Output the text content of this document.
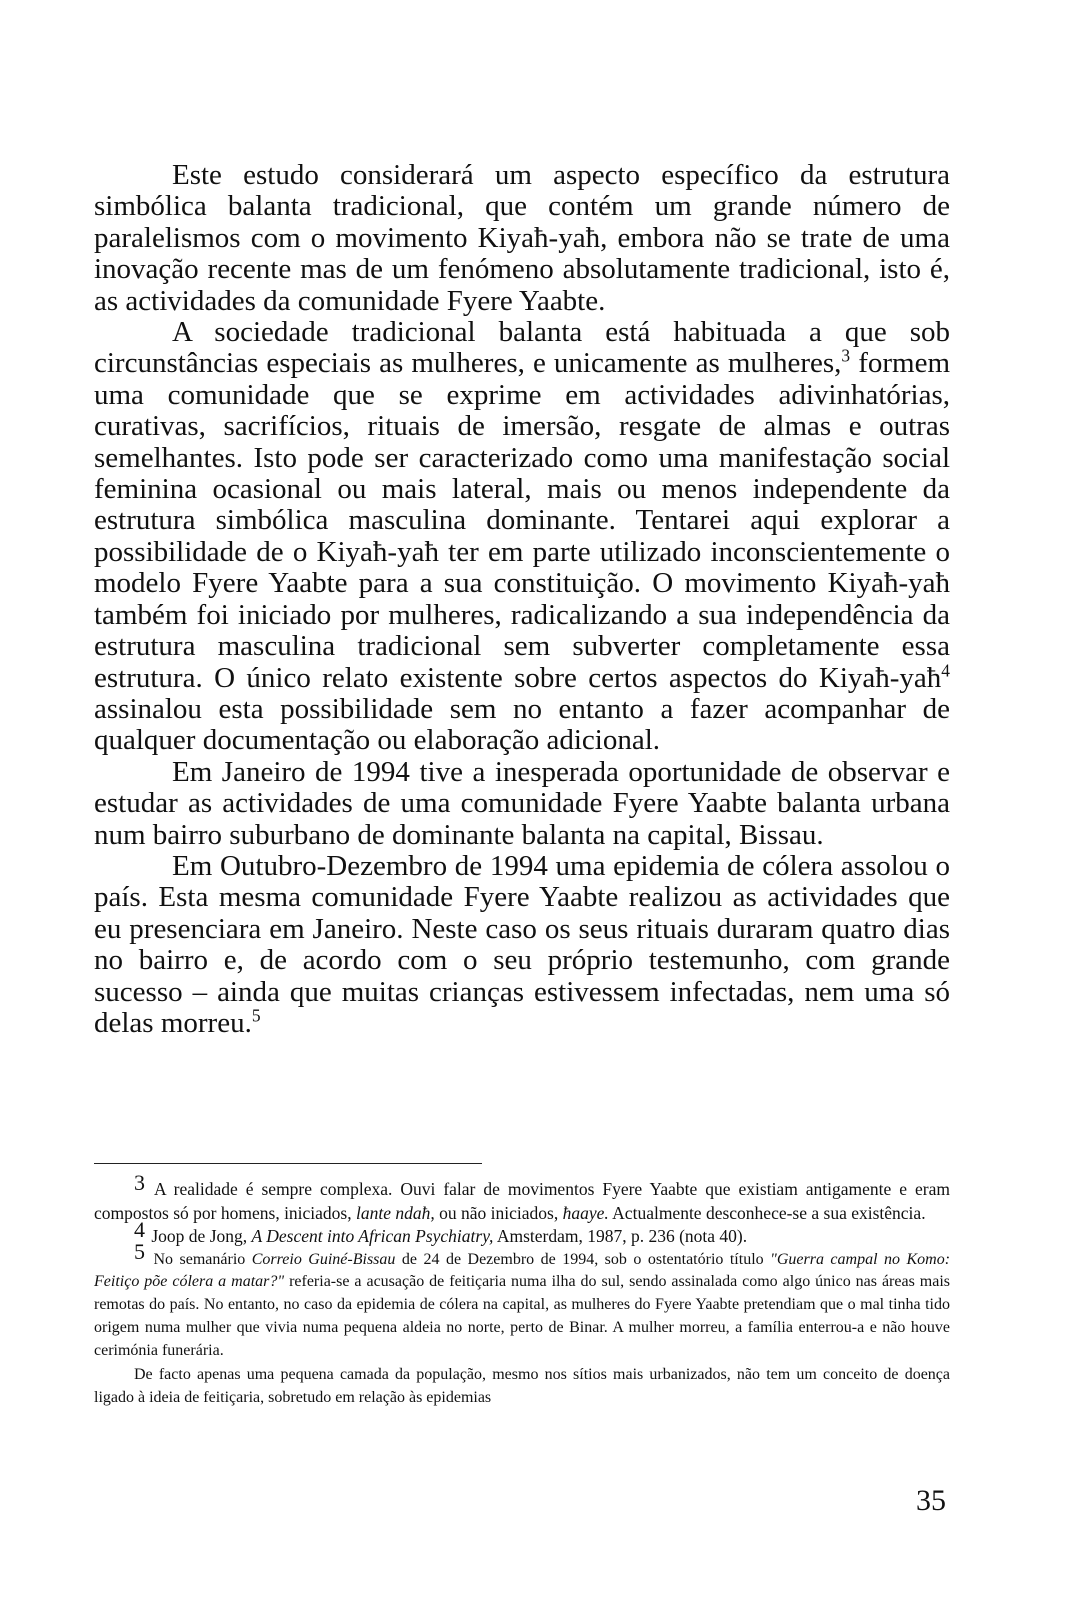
Este estudo considerará um aspecto específico da estrutura simbólica balanta tradicional, que contém um grande número de paralelismos com o movimento Kiyaħ-yaħ, embora não se trate de uma inovação recente mas de um fenómeno absolutamente tradicional, isto é, as actividades da comunidade Fyere Yaabte.

A sociedade tradicional balanta está habituada a que sob circunstâncias especiais as mulheres, e unicamente as mulheres,$^3$ formem uma comunidade que se exprime em actividades adivinhatórias, curativas, sacrifícios, rituais de imersão, resgate de almas e outras semelhantes. Isto pode ser caracterizado como uma manifestação social feminina ocasional ou mais lateral, mais ou menos independente da estrutura simbólica masculina dominante. Tentarei aqui explorar a possibilidade de o Kiyaħ-yaħ ter em parte utilizado inconscientemente o modelo Fyere Yaabte para a sua constituição. O movimento Kiyaħ-yaħ também foi iniciado por mulheres, radicalizando a sua independência da estrutura masculina tradicional sem subverter completamente essa estrutura. O único relato existente sobre certos aspectos do Kiyaħ-yaħ$^4$ assinalou esta possibilidade sem no entanto a fazer acompanhar de qualquer documentação ou elaboração adicional.

Em Janeiro de 1994 tive a inesperada oportunidade de observar e estudar as actividades de uma comunidade Fyere Yaabte balanta urbana num bairro suburbano de dominante balanta na capital, Bissau.

Em Outubro-Dezembro de 1994 uma epidemia de cólera assolou o país. Esta mesma comunidade Fyere Yaabte realizou as actividades que eu presenciara em Janeiro. Neste caso os seus rituais duraram quatro dias no bairro e, de acordo com o seu próprio testemunho, com grande sucesso – ainda que muitas crianças estivessem infectadas, nem uma só delas morreu.$^5$

3 A realidade é sempre complexa. Ouvi falar de movimentos Fyere Yaabte que existiam antigamente e eram compostos só por homens, iniciados, lante ndaħ, ou não iniciados, ħaaye. Actualmente desconhece-se a sua existência.

4 Joop de Jong, A Descent into African Psychiatry, Amsterdam, 1987, p. 236 (nota 40).

5 No semanário Correio Guiné-Bissau de 24 de Dezembro de 1994, sob o ostentatório título "Guerra campal no Komo: Feitiço põe cólera a matar?" referia-se a acusação de feitiçaria numa ilha do sul, sendo assinalada como algo único nas áreas mais remotas do país. No entanto, no caso da epidemia de cólera na capital, as mulheres do Fyere Yaabte pretendiam que o mal tinha tido origem numa mulher que vivia numa pequena aldeia no norte, perto de Binar. A mulher morreu, a família enterrou-a e não houve cerimónia funerária.

De facto apenas uma pequena camada da população, mesmo nos sítios mais urbanizados, não tem um conceito de doença ligado à ideia de feitiçaria, sobretudo em relação às epidemias

35
